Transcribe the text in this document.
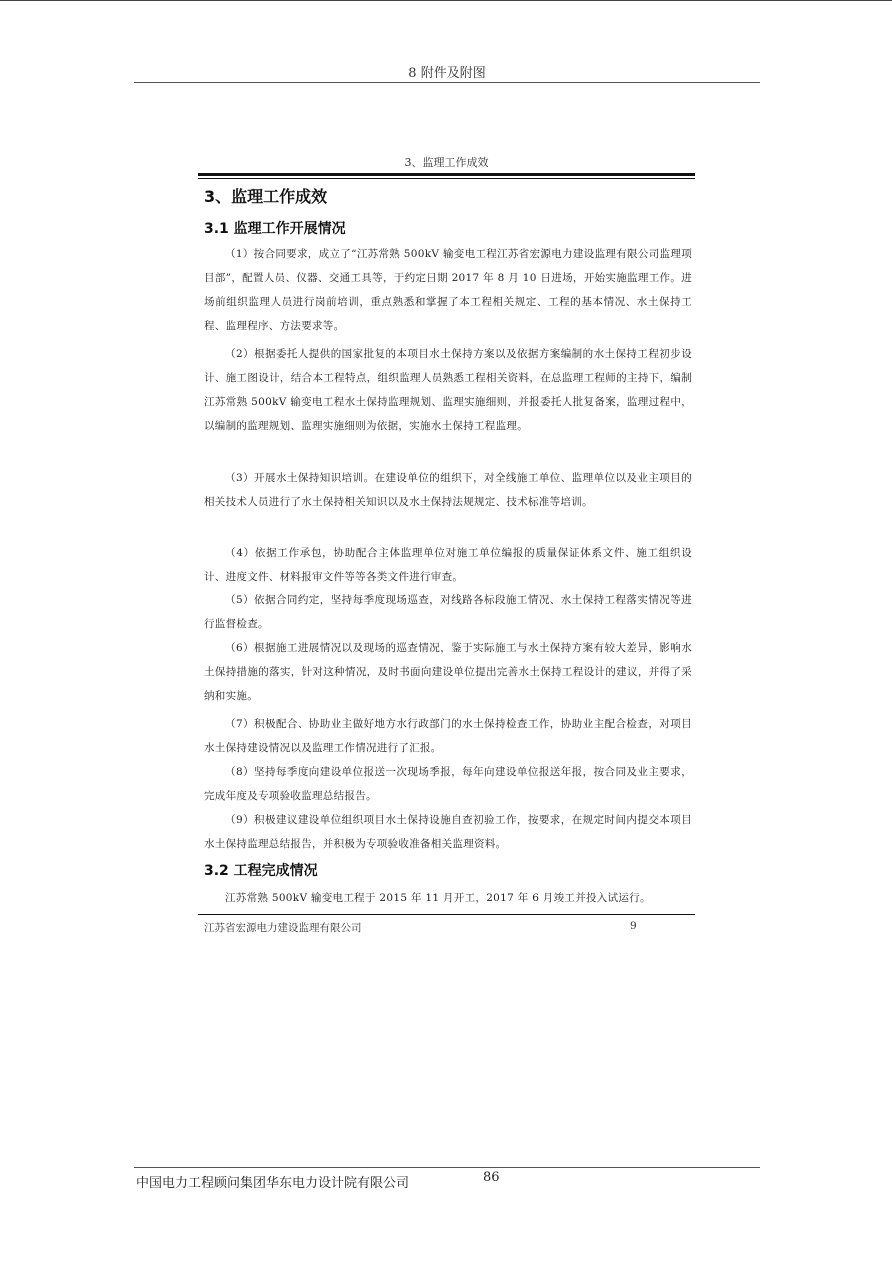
8 附件及附图
3、监理工作成效
3、监理工作成效
3.1 监理工作开展情况
（1）按合同要求，成立了“江苏常熟 500kV 输变电工程江苏省宏源电力建设监理有限公司监理项目部”，配置人员、仪器、交通工具等，于约定日期 2017 年 8 月 10 日进场，开始实施监理工作。进场前组织监理人员进行岗前培训，重点熟悉和掌握了本工程相关规定、工程的基本情况、水土保持工程、监理程序、方法要求等。
（2）根据委托人提供的国家批复的本项目水土保持方案以及依据方案编制的水土保持工程初步设计、施工图设计，结合本工程特点，组织监理人员熟悉工程相关资料，在总监理工程师的主持下，编制江苏常熟 500kV 输变电工程水土保持监理规划、监理实施细则，并报委托人批复备案，监理过程中，以编制的监理规划、监理实施细则为依据，实施水土保持工程监理。
（3）开展水土保持知识培训。在建设单位的组织下，对全线施工单位、监理单位以及业主项目的相关技术人员进行了水土保持相关知识以及水土保持法规规定、技术标准等培训。
（4）依据工作承包，协助配合主体监理单位对施工单位编报的质量保证体系文件、施工组织设计、进度文件、材料报审文件等等各类文件进行审查。
（5）依据合同约定，坚持每季度现场巡查，对线路各标段施工情况、水土保持工程落实情况等进行监督检查。
（6）根据施工进展情况以及现场的巡查情况，鉴于实际施工与水土保持方案有较大差异，影响水土保持措施的落实，针对这种情况，及时书面向建设单位提出完善水土保持工程设计的建议，并得了采纳和实施。
（7）积极配合、协助业主做好地方水行政部门的水土保持检查工作，协助业主配合检查，对项目水土保持建设情况以及监理工作情况进行了汇报。
（8）坚持每季度向建设单位报送一次现场季报，每年向建设单位报送年报，按合同及业主要求，完成年度及专项验收监理总结报告。
（9）积极建议建设单位组织项目水土保持设施自查初验工作，按要求，在规定时间内提交本项目水土保持监理总结报告，并积极为专项验收准备相关监理资料。
3.2 工程完成情况
江苏常熟 500kV 输变电工程于 2015 年 11 月开工，2017 年 6 月竣工并投入试运行。
江苏省宏源电力建设监理有限公司	9
中国电力工程顾问集团华东电力设计院有限公司	86
